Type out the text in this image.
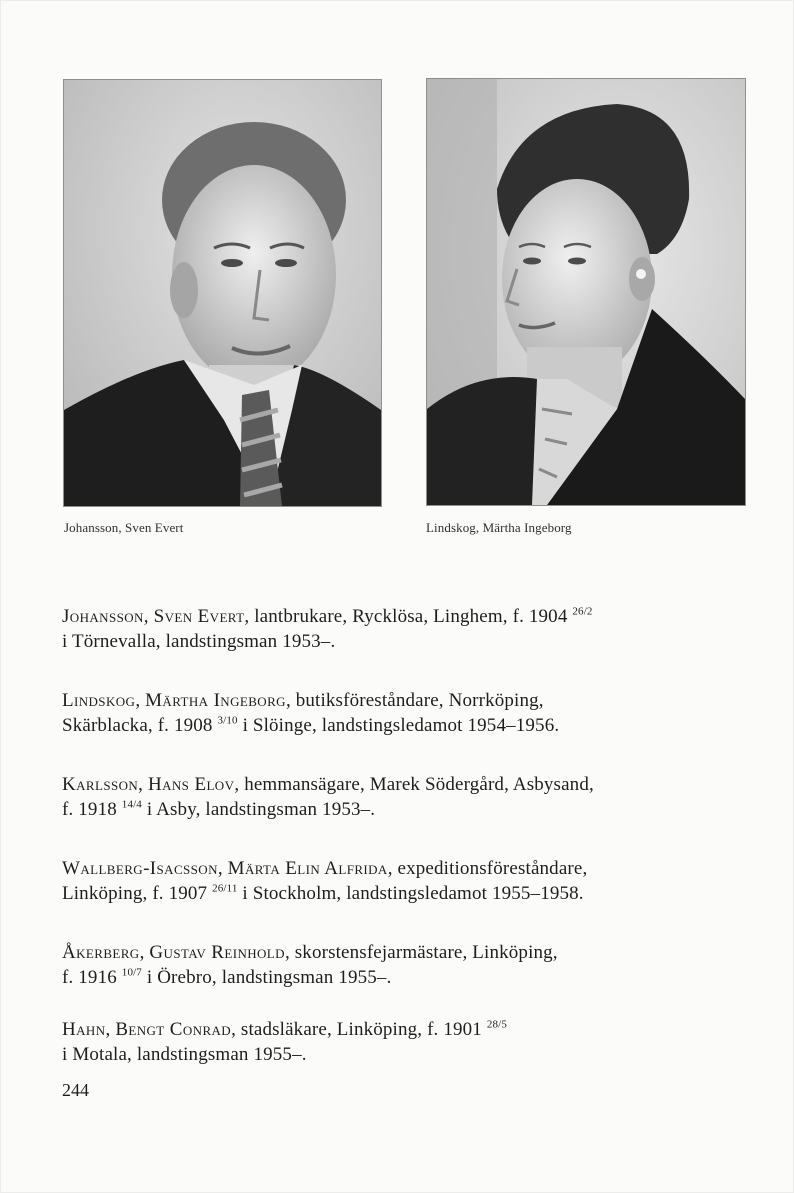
Johansson, Sven Evert	Lindskog, Märtha Ingeborg
Johansson, Sven Evert, lantbrukare, Rycklösa, Linghem, f. 1904 $^{26/2}$
i Törnevalla, landstingsman 1953–.
Lindskog, Märtha Ingeborg, butiksföreståndare, Norrköping,
Skärblacka, f. 1908 $^{3/10}$ i Slöinge, landstingsledamot 1954–1956.
Karlsson, Hans Elov, hemmansägare, Marek Södergård, Asbysand,
f. 1918 $^{14/4}$ i Asby, landstingsman 1953–.
Wallberg-Isacsson, Märta Elin Alfrida, expeditionsföreståndare,
Linköping, f. 1907 $^{26/11}$ i Stockholm, landstingsledamot 1955–1958.
Åkerberg, Gustav Reinhold, skorstensfejarmästare, Linköping,
f. 1916 $^{10/7}$ i Örebro, landstingsman 1955–.
Hahn, Bengt Conrad, stadsläkare, Linköping, f. 1901 $^{28/5}$
i Motala, landstingsman 1955–.
244
